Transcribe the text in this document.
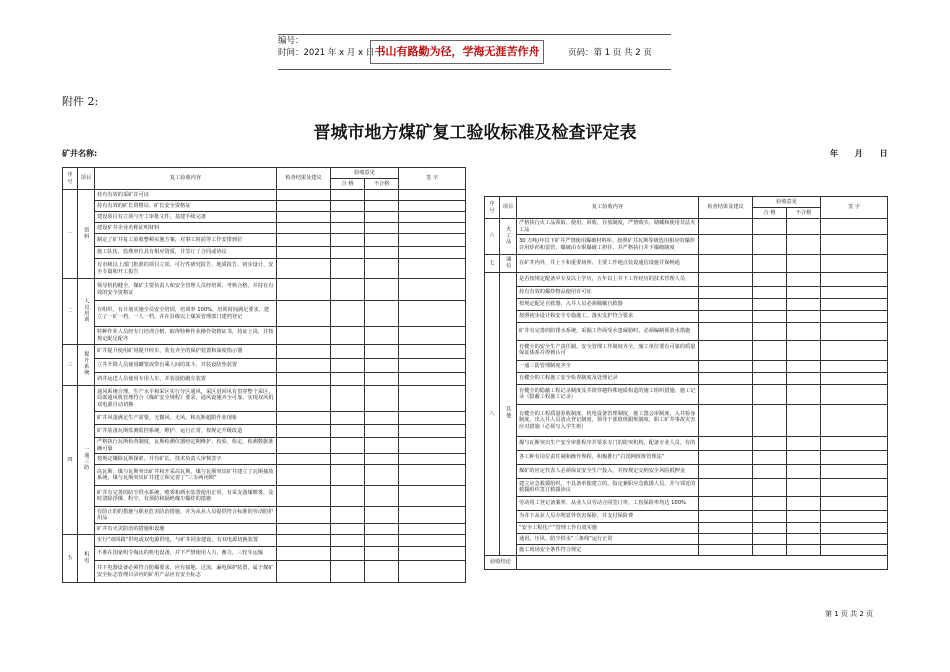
编号：
时间：2021 年 x 月 x 日 书山有路勤为径，学海无涯苦作舟	页码：第 1 页 共 2 页
附件 2:
晋城市地方煤矿复工验收标准及检查评定表
矿井名称:	年 月 日
序号	项目	复工验收内容	检查结果及建议	验收意见		签 字
				合 格	不合格	
一	资料	持有有效的采矿许可证				
		持有有效的矿长资格证、矿长安全资格证				
		建设项目有立项与开工审批文件，基建手续完备				
		建设矿井企业名称证明材料				
		制定了矿井复工验收整顿实施方案，对事工时前等工作安排到位				
		施工队伍，监理单位具有相应资质，并签订了合同或协议				
		有市级以上部门批准的项目立项、可行性研究报告、地质报告、初步设计、安全专篇和开工报告				
二	人员培训	领导机构健全，煤矿主要负责人和安全管理人员经培训、考核合格，并持有有效的安全资格证				
		有组织、有计划实施全员安全培训，培训率 100%，培训时间满足要求，建立了一矿一档、一人一档，并在县级以上煤炭管理部门建档登记				
		特种作业人员经专门培训合格，取得特种作业操作资格证书，持证上岗，并按规定配足配齐				
三	提升系统	矿井提升使用矿用提升绞车，装有齐全的保护装置和深度指示器				
		立井升降人员使用罐笼或带有乘人间的箕斗，并装设防坠装置				
		斜井运送人员使用专用人车，并装设防跑车装置				
四	一通三防	通风系统合理，生产水平和采区实行分区通风，采区进回风有贯穿整个采区，局部通风机管理符合《煤矿安全规程》要求，通风设施齐全可靠，实现双风机双电源自动切换				
		矿井风量满足生产需要，无微风、无风、和瓦斯超限作业现象				
		矿井装备瓦斯监测监控系统，维护、运行正常，按规定升级改造				
		严格执行瓦斯检查制度，瓦斯检测仪器经定期维护、校验，检定，检测数据准确可靠				
		按规定镶除瓦斯探索，并有矿长、技术负责人审核签字				
		高瓦斯、煤与瓦斯突出矿井和开采高瓦斯、煤与瓦斯突出矿井建立了瓦斯抽放系统，煤与瓦斯突出矿井建立和完善了“三专两闭锁”				
		矿井有完善的防尘供水系统，喷雾和洒水装置使用正常，有采支落煤喷雾，及时清除浮煤、粉尘，有预防和隔绝煤尘爆炸的措施				
		有防止的的措施与职业危害防治措施，并为从业人员提供符合标准的劳动防护用品				
		矿井有火灾防治的措施和设施				
五	机电	实行“双回路”供电或双电源供电，与矿井同步建设，有双电源切换装置				
		不准在国家明令淘汰的机电设备，并下严禁使用人力、畜力，三轮车运输				
		井下电器设备必须符合防爆要求，应有接地、过流、漏电保护装置，属于煤矿安全标志管理目录内的矿用产品应有安全标志				
序号	项目	复工验收内容	检查结果及建议	验收意见		签 字
				合 格	不合格	
六	火工品	严格执行火工品领取、使用、回收、存放制度，严禁购买、储藏和使用非法火工品				
		30 万吨/年以下矿井严禁使用爆破材料库，按照矿井瓦斯等级选用相应的爆炸许用炸药和雷管，爆破由专职爆破工担任，并严格执行并下爆破制度				
七	通信	在矿井内外，井上下和重要场所、主要工作地点装设通信设施并保畅通				
八	其他	是否按规定配备中专及以上学历，五年以上井下工作经历的技术管理人员				
		持有有效的爆炸物品使用许可证				
		按规定配足自救器，入井人员必须佩戴自救器				
		按照初步设计和安全专篇施工，落实支护符合要求				
		矿井有完善的防排水系统，采掘工作面受水患威胁时，必须编制预放水措施				
		有健全的安全生产责任制，安全管理工作制度齐全，施工单位要有可靠的质量保证体系并得到认可				
		一通三防管理制度齐全				
		有健全的工程施工安全检查制度及处理记录				
		有健全的隐蔽工程记录制度及井筒穿越特殊地质构造的施工组织措施、施工记录（隐蔽工程施工记录）				
		有健全的工程质量验收制度、机电设备管理制度，施工图会审制度，入井检身制度，出入井人员清点登记制度，领导干部值班跟班制度，职工矿井事故灾害应对措施（必须写入学生班）				
		煤与瓦斯突出生产安全审批程序并要求专门的防突机构，配备专业人员，有的				
		各工种有岗位责任制和操作规程，积极推行“白国网班班管理法”				
		煤矿的应定代表人必须保证安全生产投入，并按规定交纳安全风险抵押金				
		建立应急救援组织，不具备单独建立的，指定兼职应急救援人员，并与邻近的救援组织签订救援协议				
		劳动用工登记备案率，从业人员劳动合同签订率，工伤保险率均达 100%				
		为井下从业人员办理意外伤害保险，并支付保险费				
		“安全工程化产”管理工作有效实施				
		通讯、压风、防尘供水“三条线”运行正常				
		施工现场安全条件符合规定				
验收结论						
第 1 页 共 2 页
